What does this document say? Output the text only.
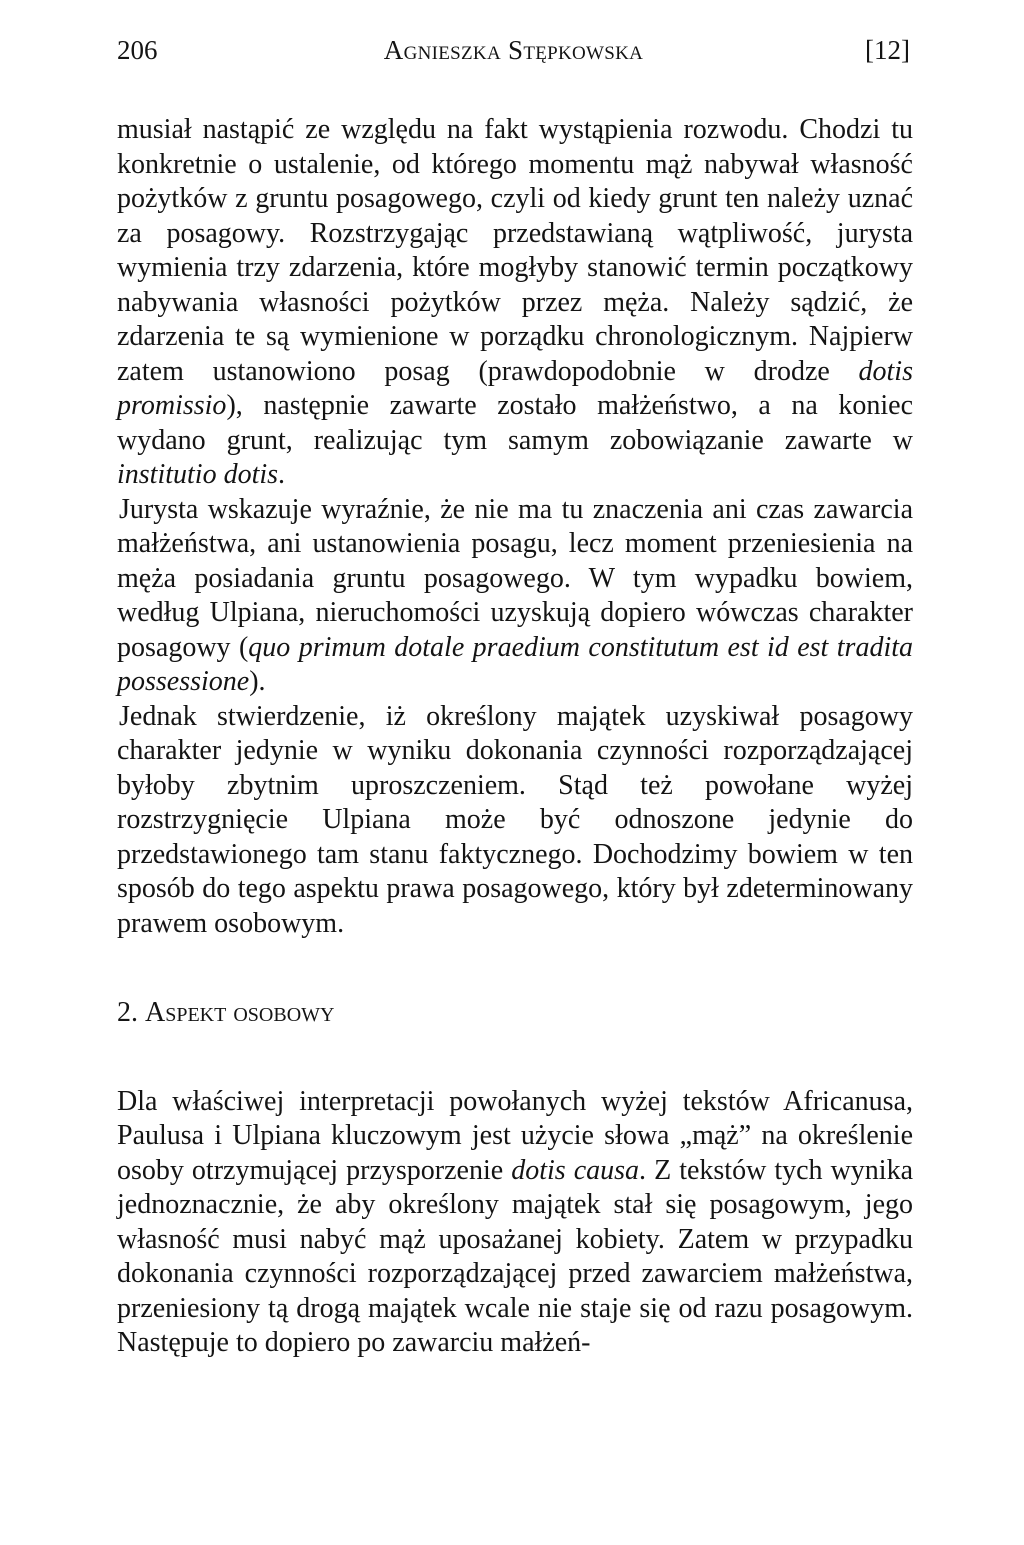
206	Agnieszka Stępkowska	[12]

musiał nastąpić ze względu na fakt wystąpienia rozwodu. Chodzi tu konkretnie o ustalenie, od którego momentu mąż nabywał własność pożytków z gruntu posagowego, czyli od kiedy grunt ten należy uznać za posagowy. Rozstrzygając przedstawianą wątpliwość, jurysta wymienia trzy zdarzenia, które mogłyby stanowić termin początkowy nabywania własności pożytków przez męża. Należy sądzić, że zdarzenia te są wymienione w porządku chronologicznym. Najpierw zatem ustanowiono posag (prawdopodobnie w drodze dotis promissio), następnie zawarte zostało małżeństwo, a na koniec wydano grunt, realizując tym samym zobowiązanie zawarte w institutio dotis.

Jurysta wskazuje wyraźnie, że nie ma tu znaczenia ani czas zawarcia małżeństwa, ani ustanowienia posagu, lecz moment przeniesienia na męża posiadania gruntu posagowego. W tym wypadku bowiem, według Ulpiana, nieruchomości uzyskują dopiero wówczas charakter posagowy (quo primum dotale praedium constitutum est id est tradita possessione).

Jednak stwierdzenie, iż określony majątek uzyskiwał posagowy charakter jedynie w wyniku dokonania czynności rozporządzającej byłoby zbytnim uproszczeniem. Stąd też powołane wyżej rozstrzygnięcie Ulpiana może być odnoszone jedynie do przedstawionego tam stanu faktycznego. Dochodzimy bowiem w ten sposób do tego aspektu prawa posagowego, który był zdeterminowany prawem osobowym.

2. Aspekt osobowy

Dla właściwej interpretacji powołanych wyżej tekstów Africanusa, Paulusa i Ulpiana kluczowym jest użycie słowa „mąż” na określenie osoby otrzymującej przysporzenie dotis causa. Z tekstów tych wynika jednoznacznie, że aby określony majątek stał się posagowym, jego własność musi nabyć mąż uposażanej kobiety. Zatem w przypadku dokonania czynności rozporządzającej przed zawarciem małżeństwa, przeniesiony tą drogą majątek wcale nie staje się od razu posagowym. Następuje to dopiero po zawarciu małżeń-
